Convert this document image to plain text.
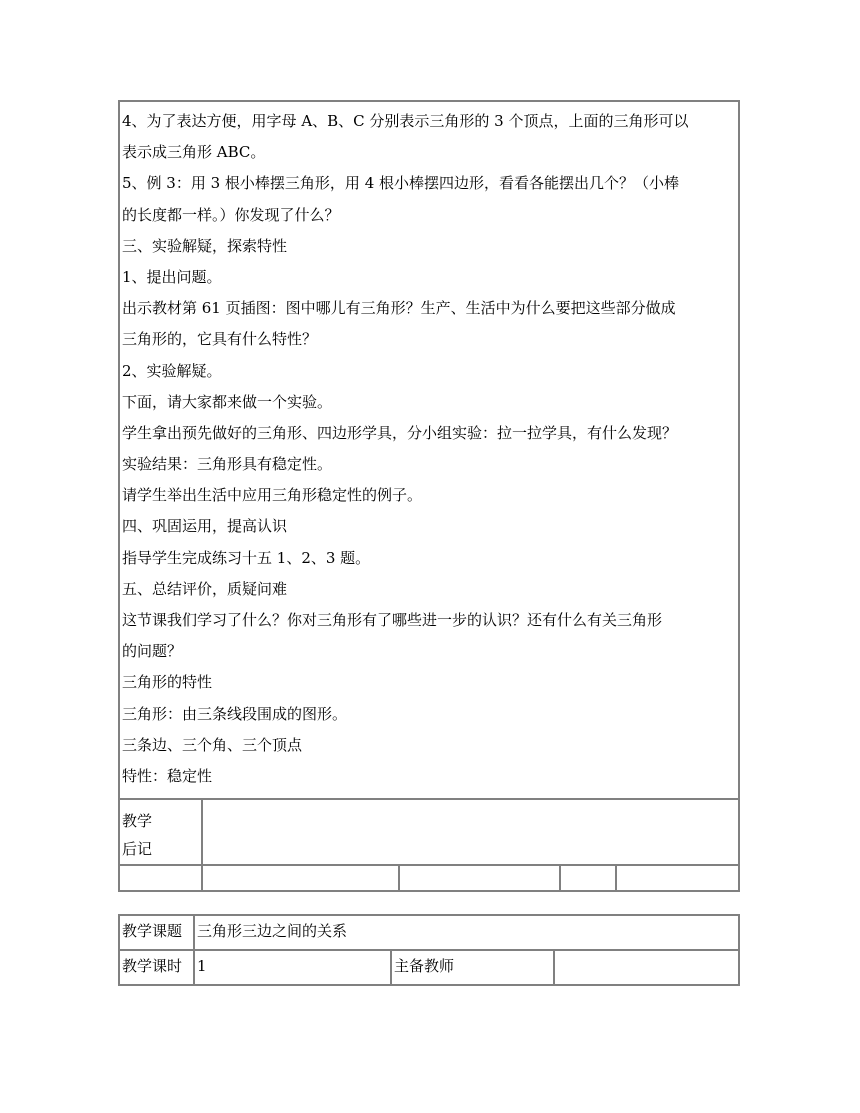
4、为了表达方便，用字母 A、B、C 分别表示三角形的 3 个顶点，上面的三角形可以
表示成三角形 ABC。
5、例 3：用 3 根小棒摆三角形，用 4 根小棒摆四边形，看看各能摆出几个？（小棒
的长度都一样。）你发现了什么？
三、实验解疑，探索特性
1、提出问题。
出示教材第 61 页插图：图中哪儿有三角形？生产、生活中为什么要把这些部分做成
三角形的，它具有什么特性？
2、实验解疑。
下面，请大家都来做一个实验。
学生拿出预先做好的三角形、四边形学具，分小组实验：拉一拉学具，有什么发现？
实验结果：三角形具有稳定性。
请学生举出生活中应用三角形稳定性的例子。
四、巩固运用，提高认识
指导学生完成练习十五 1、2、3 题。
五、总结评价，质疑问难
这节课我们学习了什么？你对三角形有了哪些进一步的认识？还有什么有关三角形
的问题？
三角形的特性
三角形：由三条线段围成的图形。
三条边、三个角、三个顶点
特性：稳定性
教学
后记
教学课题 三角形三边之间的关系
教学课时 1	主备教师
